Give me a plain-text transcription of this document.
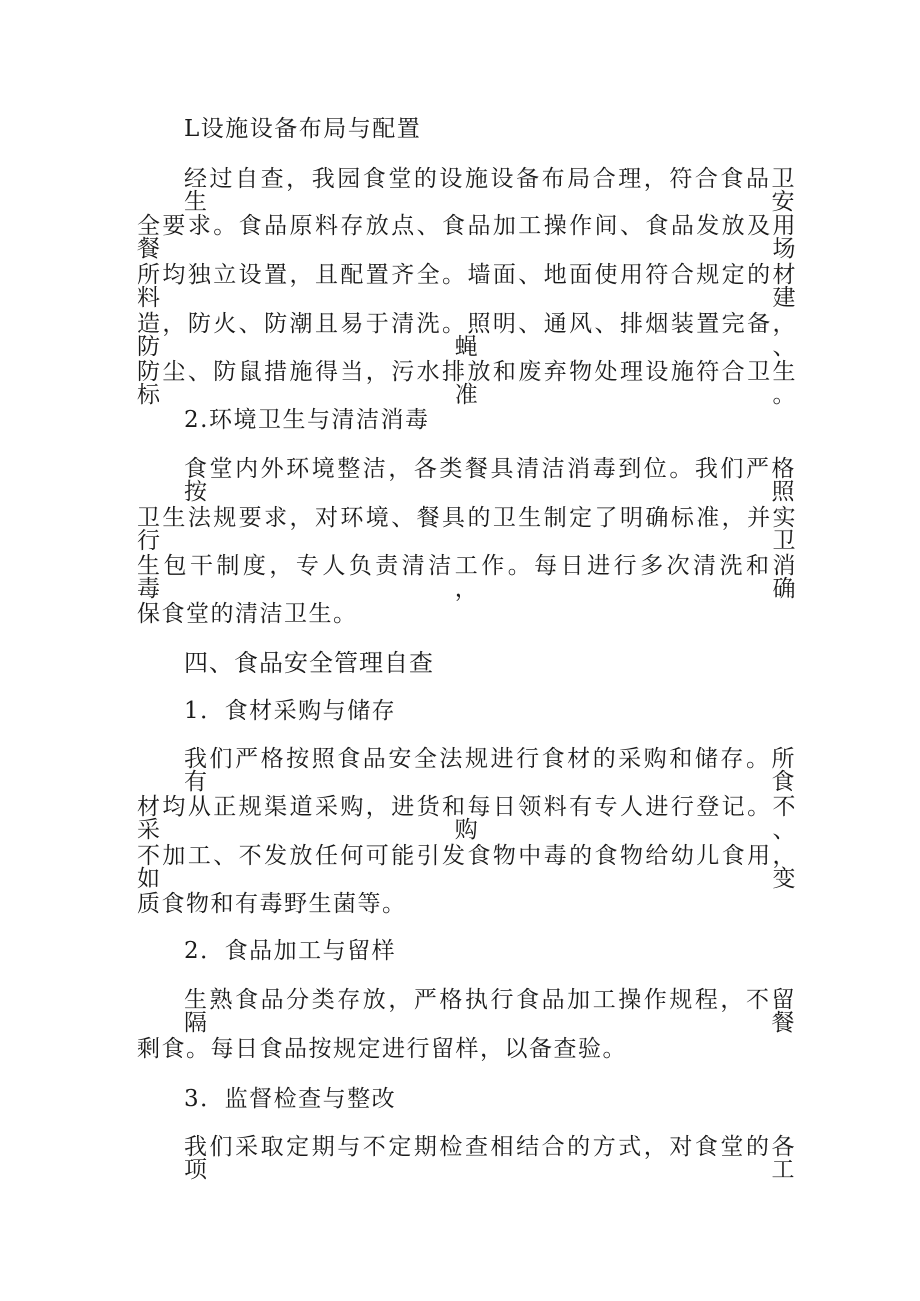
L设施设备布局与配置
经过自查，我园食堂的设施设备布局合理，符合食品卫生安
全要求。食品原料存放点、食品加工操作间、食品发放及用餐场
所均独立设置，且配置齐全。墙面、地面使用符合规定的材料建
造，防火、防潮且易于清洗。照明、通风、排烟装置完备，防蝇、
防尘、防鼠措施得当，污水排放和废弃物处理设施符合卫生标准。
2.环境卫生与清洁消毒
食堂内外环境整洁，各类餐具清洁消毒到位。我们严格按照
卫生法规要求，对环境、餐具的卫生制定了明确标准，并实行卫
生包干制度，专人负责清洁工作。每日进行多次清洗和消毒，确
保食堂的清洁卫生。
四、食品安全管理自查
1．食材采购与储存
我们严格按照食品安全法规进行食材的采购和储存。所有食
材均从正规渠道采购，进货和每日领料有专人进行登记。不采购、
不加工、不发放任何可能引发食物中毒的食物给幼儿食用，如变
质食物和有毒野生菌等。
2．食品加工与留样
生熟食品分类存放，严格执行食品加工操作规程，不留隔餐
剩食。每日食品按规定进行留样，以备查验。
3．监督检查与整改
我们采取定期与不定期检查相结合的方式，对食堂的各项工
